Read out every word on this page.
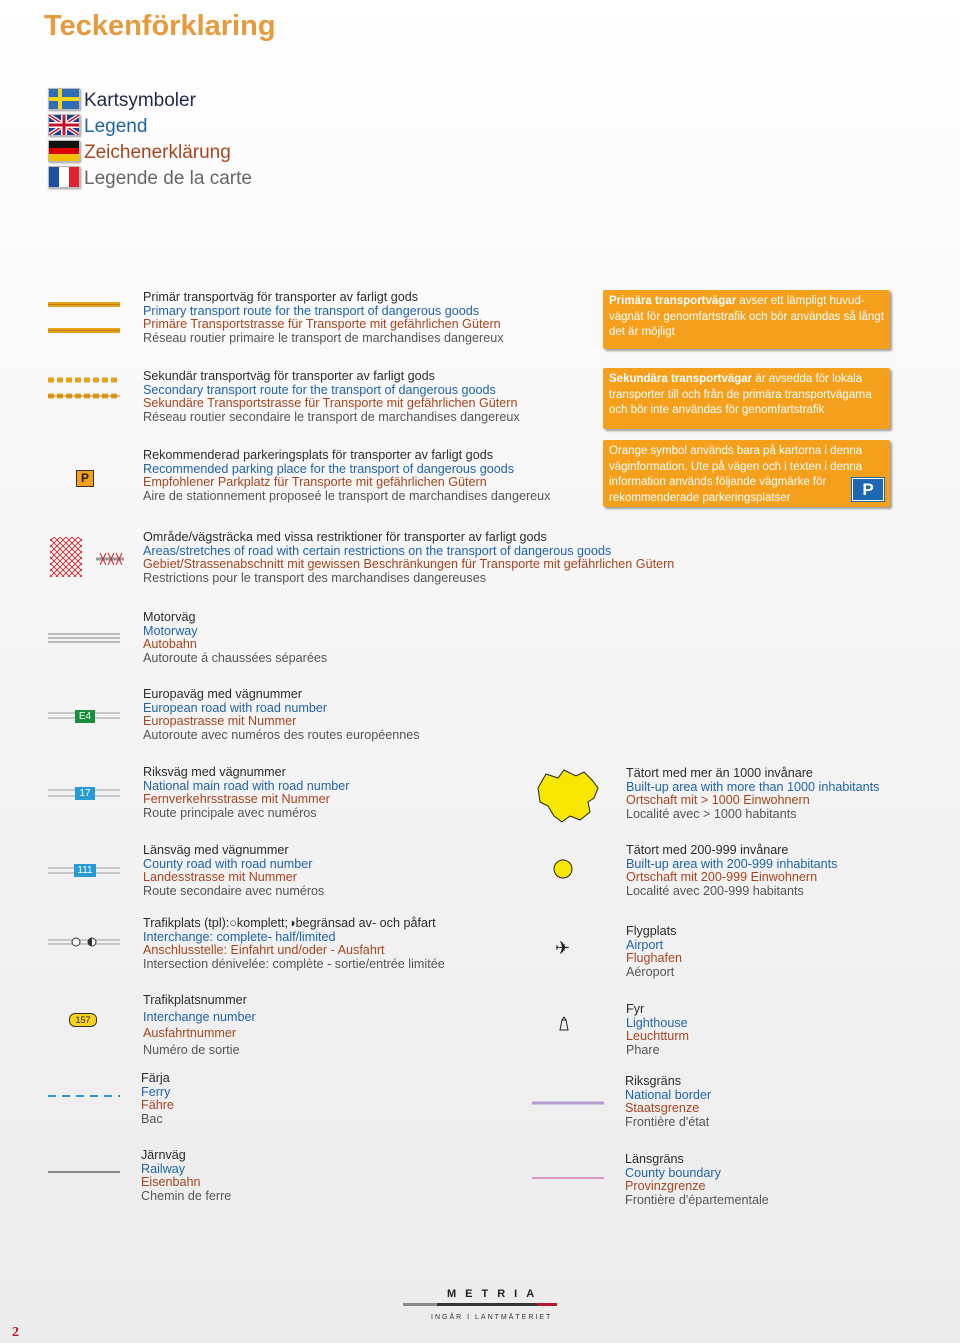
Teckenförklaring
Kartsymboler
Legend
Zeichenerklärung
Legende de la carte
Primär transportväg för transporter av farligt gods
Primary transport route for the transport of dangerous goods
Primäre Transportstrasse für Transporte mit gefährlichen Gütern
Réseau routier primaire le transport de marchandises dangereux
Primära transportvägar avser ett lämpligt huvud-vägnät för genomfartstrafik och bör användas så långt det är möjligt
Sekundär transportväg för transporter av farligt gods
Secondary transport route for the transport of dangerous goods
Sekundäre Transportstrasse für Transporte mit gefährlichen Gütern
Réseau routier secondaire le transport de marchandises dangereux
Sekundära transportvägar är avsedda för lokala transporter till och från de primära transportvägarna och bör inte användas för genomfartstrafik
P
Rekommenderad parkeringsplats för transporter av farligt gods
Recommended parking place for the transport of dangerous goods
Empfohlener Parkplatz für Transporte mit gefährlichen Gütern
Aire de stationnement proposeé le transport de marchandises dangereux
Orange symbol används bara på kartorna i denna väginformation. Ute på vägen och i texten i denna information används följande vägmärke för rekommenderade parkeringsplatser	P
Område/vägsträcka med vissa restriktioner för transporter av farligt gods
Areas/stretches of road with certain restrictions on the transport of dangerous goods
Gebiet/Strassenabschnitt mit gewissen Beschränkungen für Transporte mit gefährlichen Gütern
Restrictions pour le transport des marchandises dangereuses
Motorväg
Motorway
Autobahn
Autoroute á chaussées séparées
E4
Europaväg med vägnummer
European road with road number
Europastrasse mit Nummer
Autoroute avec numéros des routes européennes
17
Riksväg med vägnummer
National main road with road number
Fernverkehrsstrasse mit Nummer
Route principale avec numéros
111
Länsväg med vägnummer
County road with road number
Landesstrasse mit Nummer
Route secondaire avec numéros
Trafikplats (tpl):○komplett;◑begränsad av- och påfart
Interchange: complete- half/limited
Anschlusstelle: Einfahrt und/oder - Ausfahrt
Intersection dénivelée: complète - sortie/entrée limitée
157
Trafikplatsnummer
Interchange number
Ausfahrtnummer
Numéro de sortie
Färja
Ferry
Fähre
Bac
Järnväg
Railway
Eisenbahn
Chemin de ferre
Tätort med mer än 1000 invånare
Built-up area with more than 1000 inhabitants
Ortschaft mit > 1000 Einwohnern
Localité avec > 1000 habitants
Tätort med 200-999 invånare
Built-up area with 200-999 inhabitants
Ortschaft mit 200-999 Einwohnern
Localité avec 200-999 habitants
✈
Flygplats
Airport
Flughafen
Aéroport
Fyr
Lighthouse
Leuchtturm
Phare
Riksgräns
National border
Staatsgrenze
Frontière d'état
Länsgräns
County boundary
Provinzgrenze
Frontière d'épartementale
METRIA
INGÅR I LANTMÄTERIET
2
